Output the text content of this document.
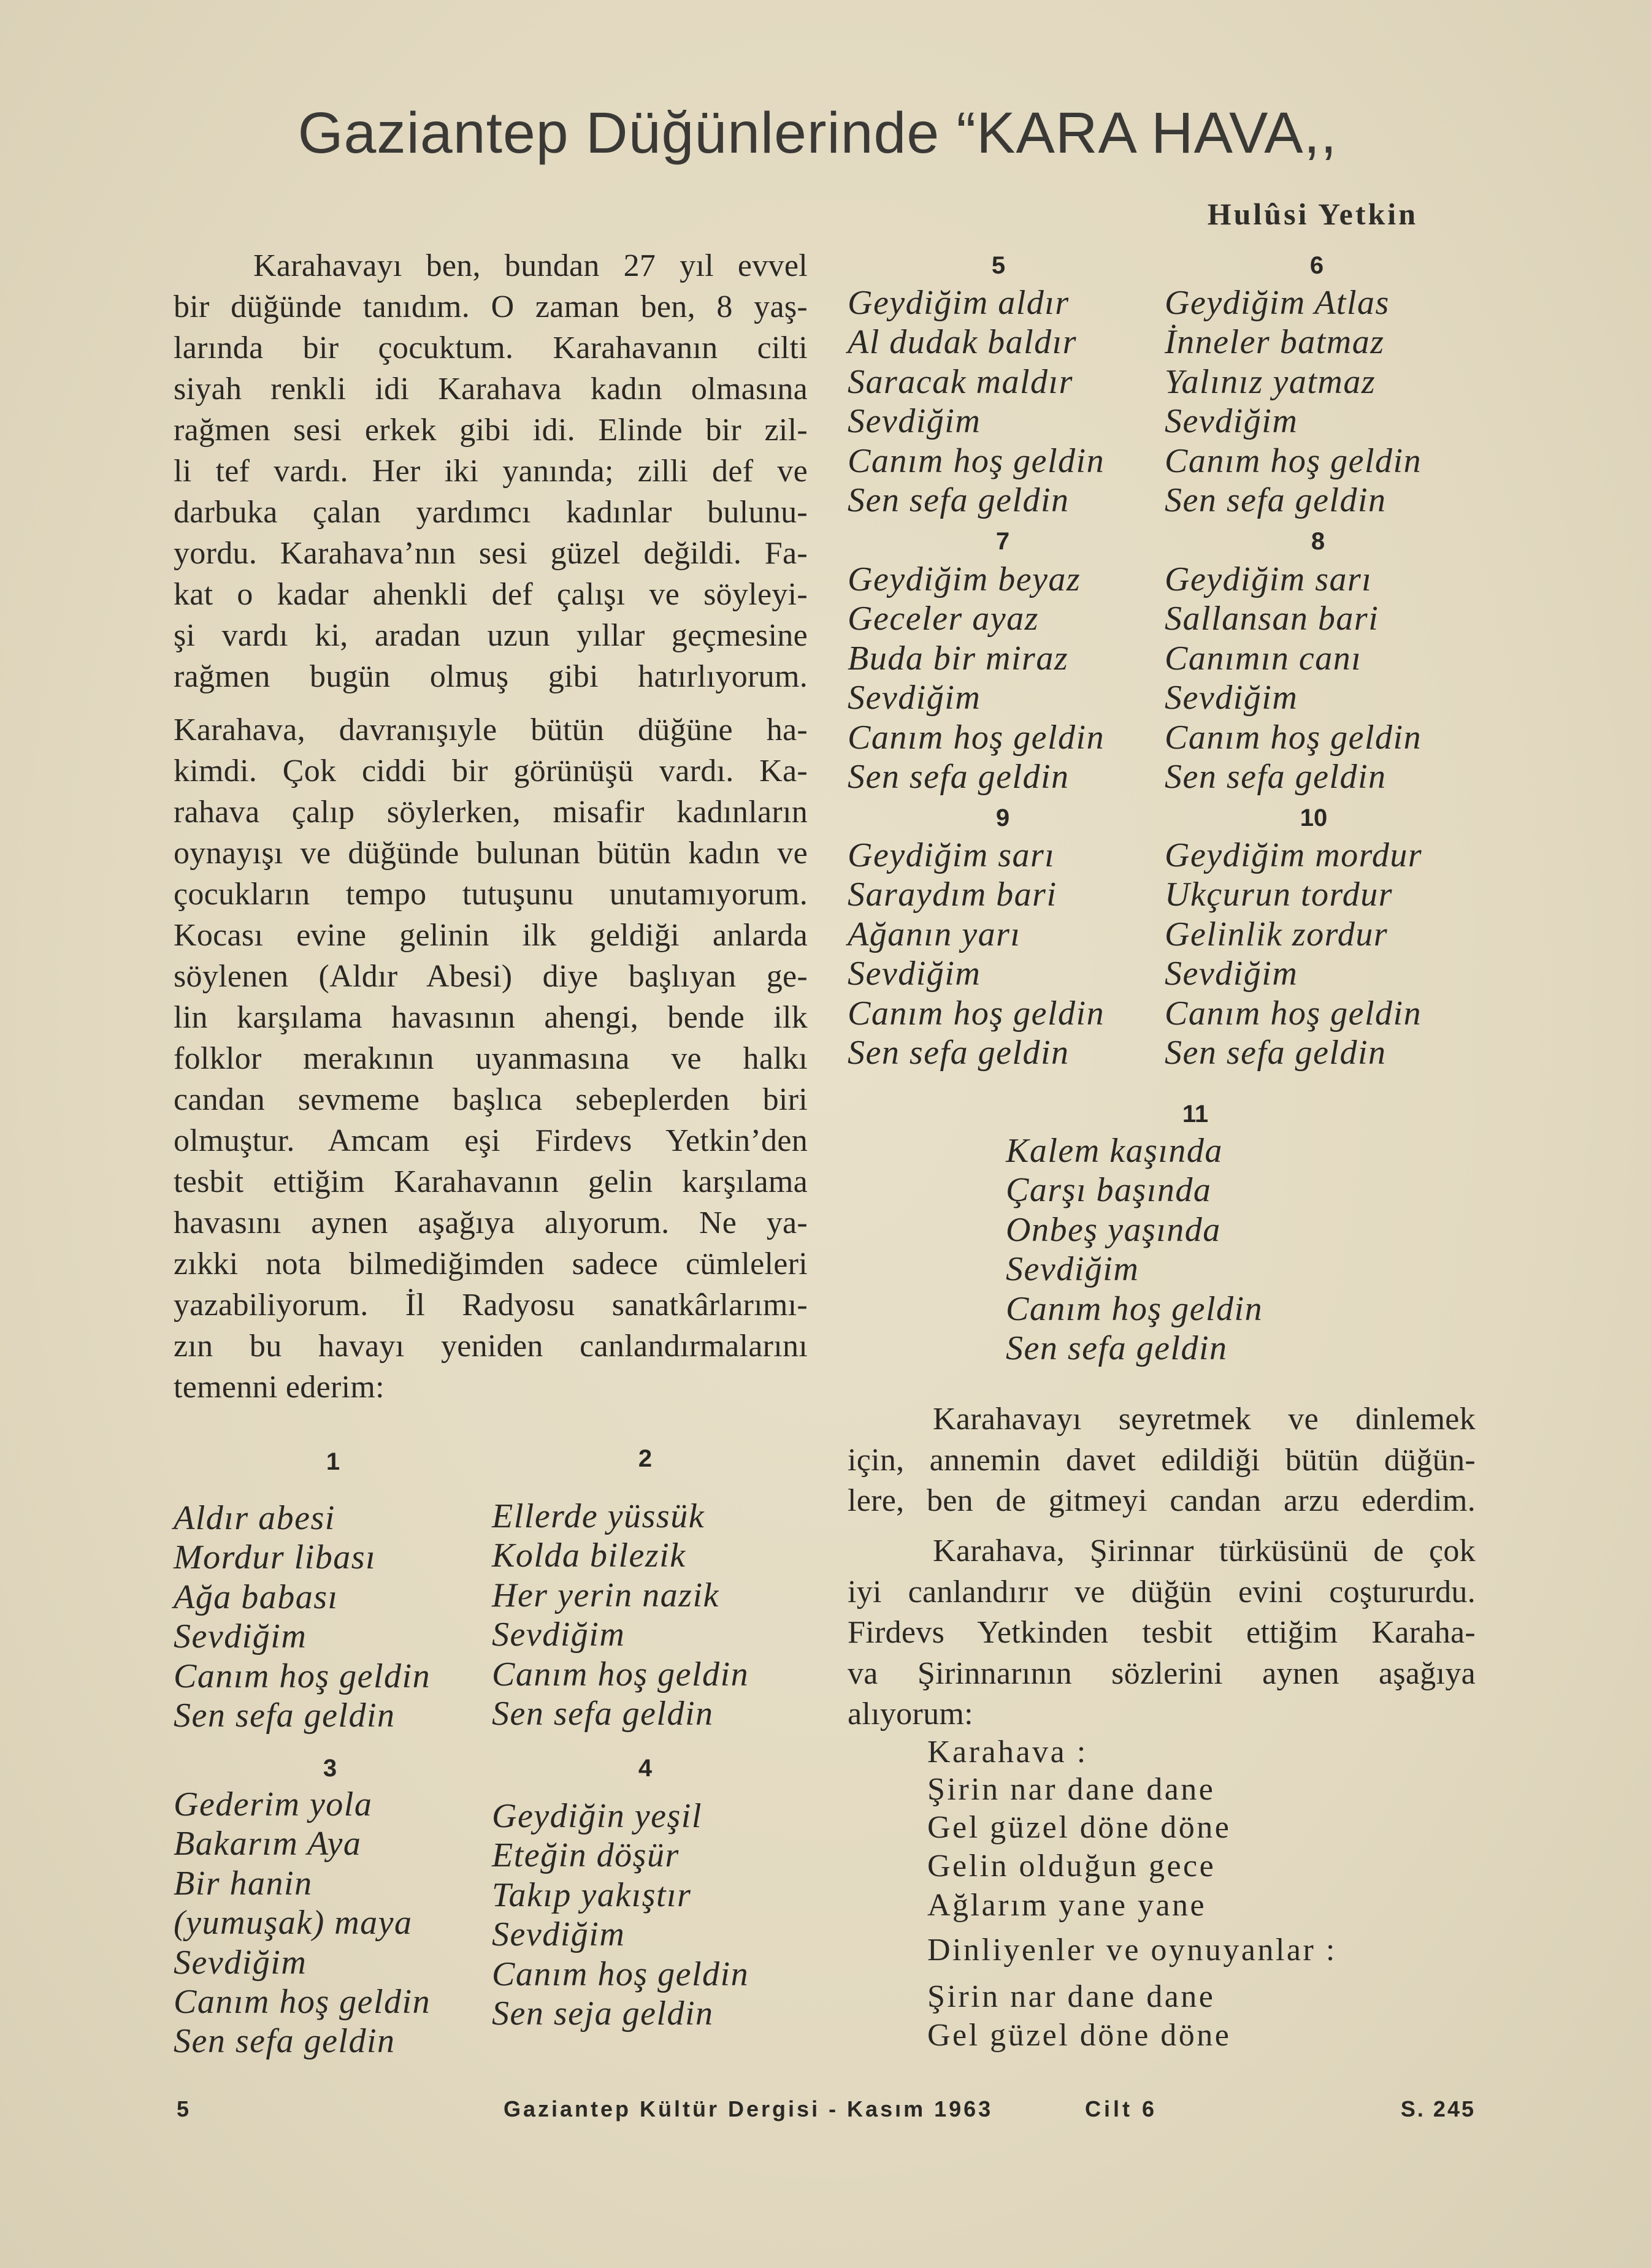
Gaziantep Düğünlerinde “KARA HAVA,,
Hulûsi Yetkin
Karahavayı ben, bundan 27 yıl evvel
bir düğünde tanıdım. O zaman ben, 8 yaş-
larında bir çocuktum. Karahavanın cilti
siyah renkli idi Karahava kadın olmasına
rağmen sesi erkek gibi idi. Elinde bir zil-
li tef vardı. Her iki yanında; zilli def ve
darbuka çalan yardımcı kadınlar bulunu-
yordu. Karahava’nın sesi güzel değildi. Fa-
kat o kadar ahenkli def çalışı ve söyleyi-
şi vardı ki, aradan uzun yıllar geçmesine
rağmen bugün olmuş gibi hatırlıyorum.
Karahava, davranışıyle bütün düğüne ha-
kimdi. Çok ciddi bir görünüşü vardı. Ka-
rahava çalıp söylerken, misafir kadınların
oynayışı ve düğünde bulunan bütün kadın ve
çocukların tempo tutuşunu unutamıyorum.
Kocası evine gelinin ilk geldiği anlarda
söylenen (Aldır Abesi) diye başlıyan ge-
lin karşılama havasının ahengi, bende ilk
folklor merakının uyanmasına ve halkı
candan sevmeme başlıca sebeplerden biri
olmuştur. Amcam eşi Firdevs Yetkin’den
tesbit ettiğim Karahavanın gelin karşılama
havasını aynen aşağıya alıyorum. Ne ya-
zıkki nota bilmediğimden sadece cümleleri
yazabiliyorum. İl Radyosu sanatkârlarımı-
zın bu havayı yeniden canlandırmalarını
temenni ederim:
1
Aldır abesi
Mordur libası
Ağa babası
Sevdiğim
Canım hoş geldin
Sen sefa geldin
2
Ellerde yüssük
Kolda bilezik
Her yerin nazik
Sevdiğim
Canım hoş geldin
Sen sefa geldin
3
Gederim yola
Bakarım Aya
Bir hanin
(yumuşak) maya
Sevdiğim
Canım hoş geldin
Sen sefa geldin
4
Geydiğin yeşil
Eteğin döşür
Takıp yakıştır
Sevdiğim
Canım hoş geldin
Sen seja geldin
5
Geydiğim aldır
Al dudak baldır
Saracak maldır
Sevdiğim
Canım hoş geldin
Sen sefa geldin
6
Geydiğim Atlas
İnneler batmaz
Yalınız yatmaz
Sevdiğim
Canım hoş geldin
Sen sefa geldin
7
Geydiğim beyaz
Geceler ayaz
Buda bir miraz
Sevdiğim
Canım hoş geldin
Sen sefa geldin
8
Geydiğim sarı
Sallansan bari
Canımın canı
Sevdiğim
Canım hoş geldin
Sen sefa geldin
9
Geydiğim sarı
Saraydım bari
Ağanın yarı
Sevdiğim
Canım hoş geldin
Sen sefa geldin
10
Geydiğim mordur
Ukçurun tordur
Gelinlik zordur
Sevdiğim
Canım hoş geldin
Sen sefa geldin
11
Kalem kaşında
Çarşı başında
Onbeş yaşında
Sevdiğim
Canım hoş geldin
Sen sefa geldin
Karahavayı seyretmek ve dinlemek
için, annemin davet edildiği bütün düğün-
lere, ben de gitmeyi candan arzu ederdim.
Karahava, Şirinnar türküsünü de çok
iyi canlandırır ve düğün evini coştururdu.
Firdevs Yetkinden tesbit ettiğim Karaha-
va Şirinnarının sözlerini aynen aşağıya
alıyorum:
Karahava :
Şirin nar dane dane
Gel güzel döne döne
Gelin olduğun gece
Ağlarım yane yane
Dinliyenler ve oynuyanlar :
Şirin nar dane dane
Gel güzel döne döne
5	Gaziantep Kültür Dergisi - Kasım 1963	Cilt 6	S. 245
